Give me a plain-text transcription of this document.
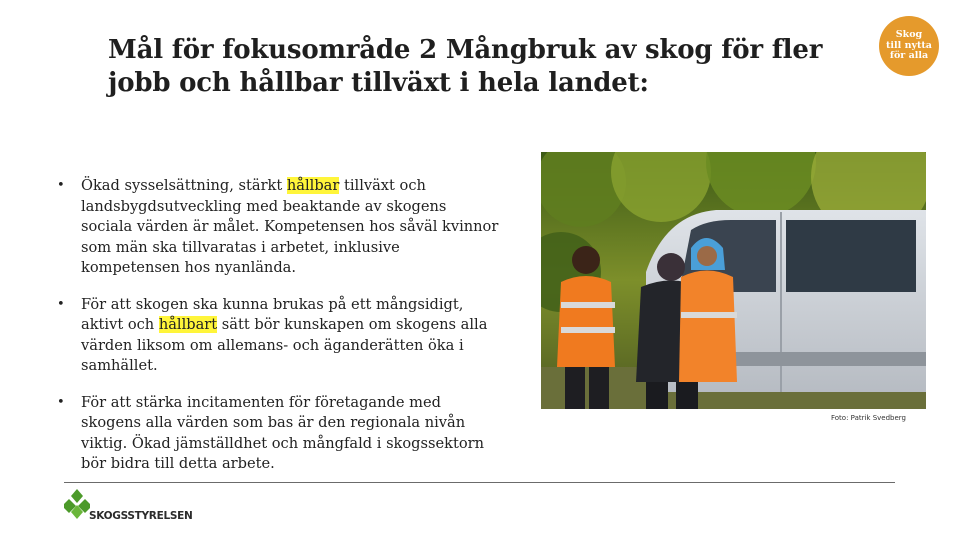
Mål för fokusområde 2 Mångbruk av skog för fler jobb och hållbar tillväxt i hela landet:
Skog
till nytta
för alla
• Ökad sysselsättning, stärkt hållbar tillväxt och landsbygdsutveckling med beaktande av skogens sociala värden är målet. Kompetensen hos såväl kvinnor som män ska tillvaratas i arbetet, inklusive kompetensen hos nyanlända.
• För att skogen ska kunna brukas på ett mångsidigt, aktivt och hållbart sätt bör kunskapen om skogens alla värden liksom om allemans- och äganderätten öka i samhället.
• För att stärka incitamenten för företagande med skogens alla värden som bas är den regionala nivån viktig. Ökad jämställdhet och mångfald i skogssektorn bör bidra till detta arbete.
Foto: Patrik Svedberg
SKOGSSTYRELSEN
